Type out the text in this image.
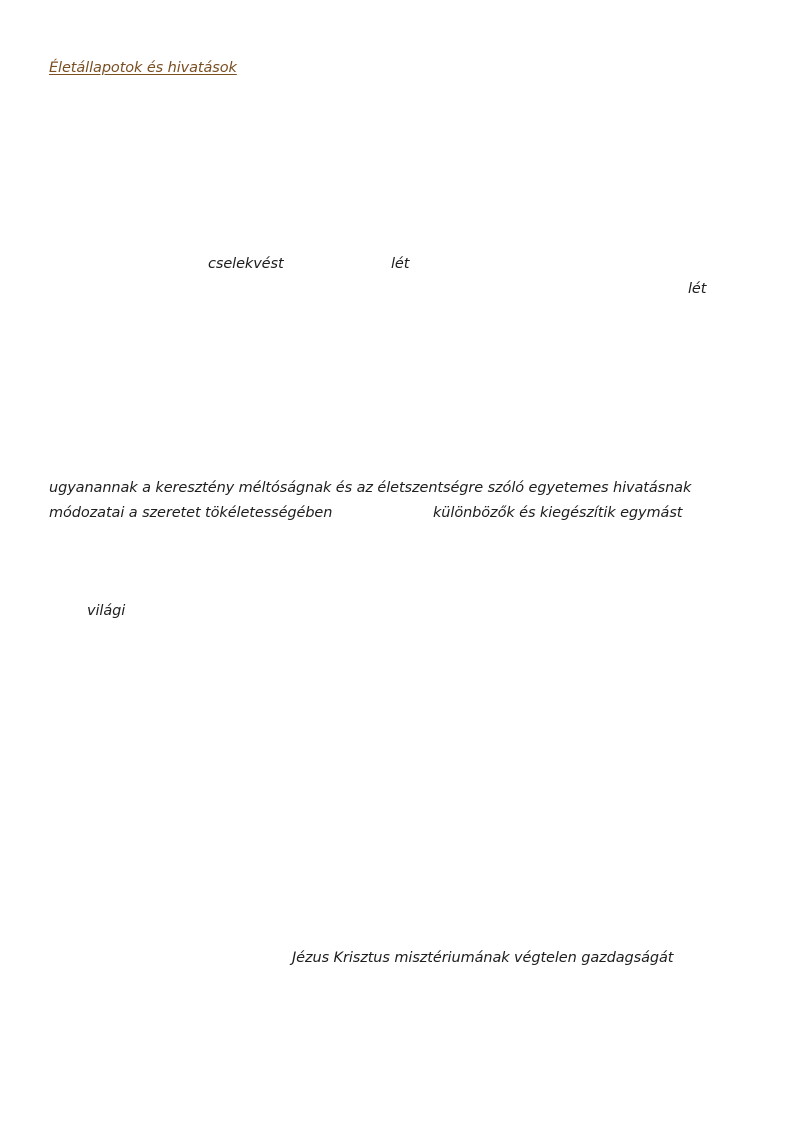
Életállapotok és hivatások
cselekvést	lét
lét
ugyanannak a keresztény méltóságnak és az életszentségre szóló egyetemes hivatásnak
módozatai a szeretet tökéletességében	különbözők és kiegészítik egymást
világi
Jézus Krisztus misztériumának végtelen gazdagságát
